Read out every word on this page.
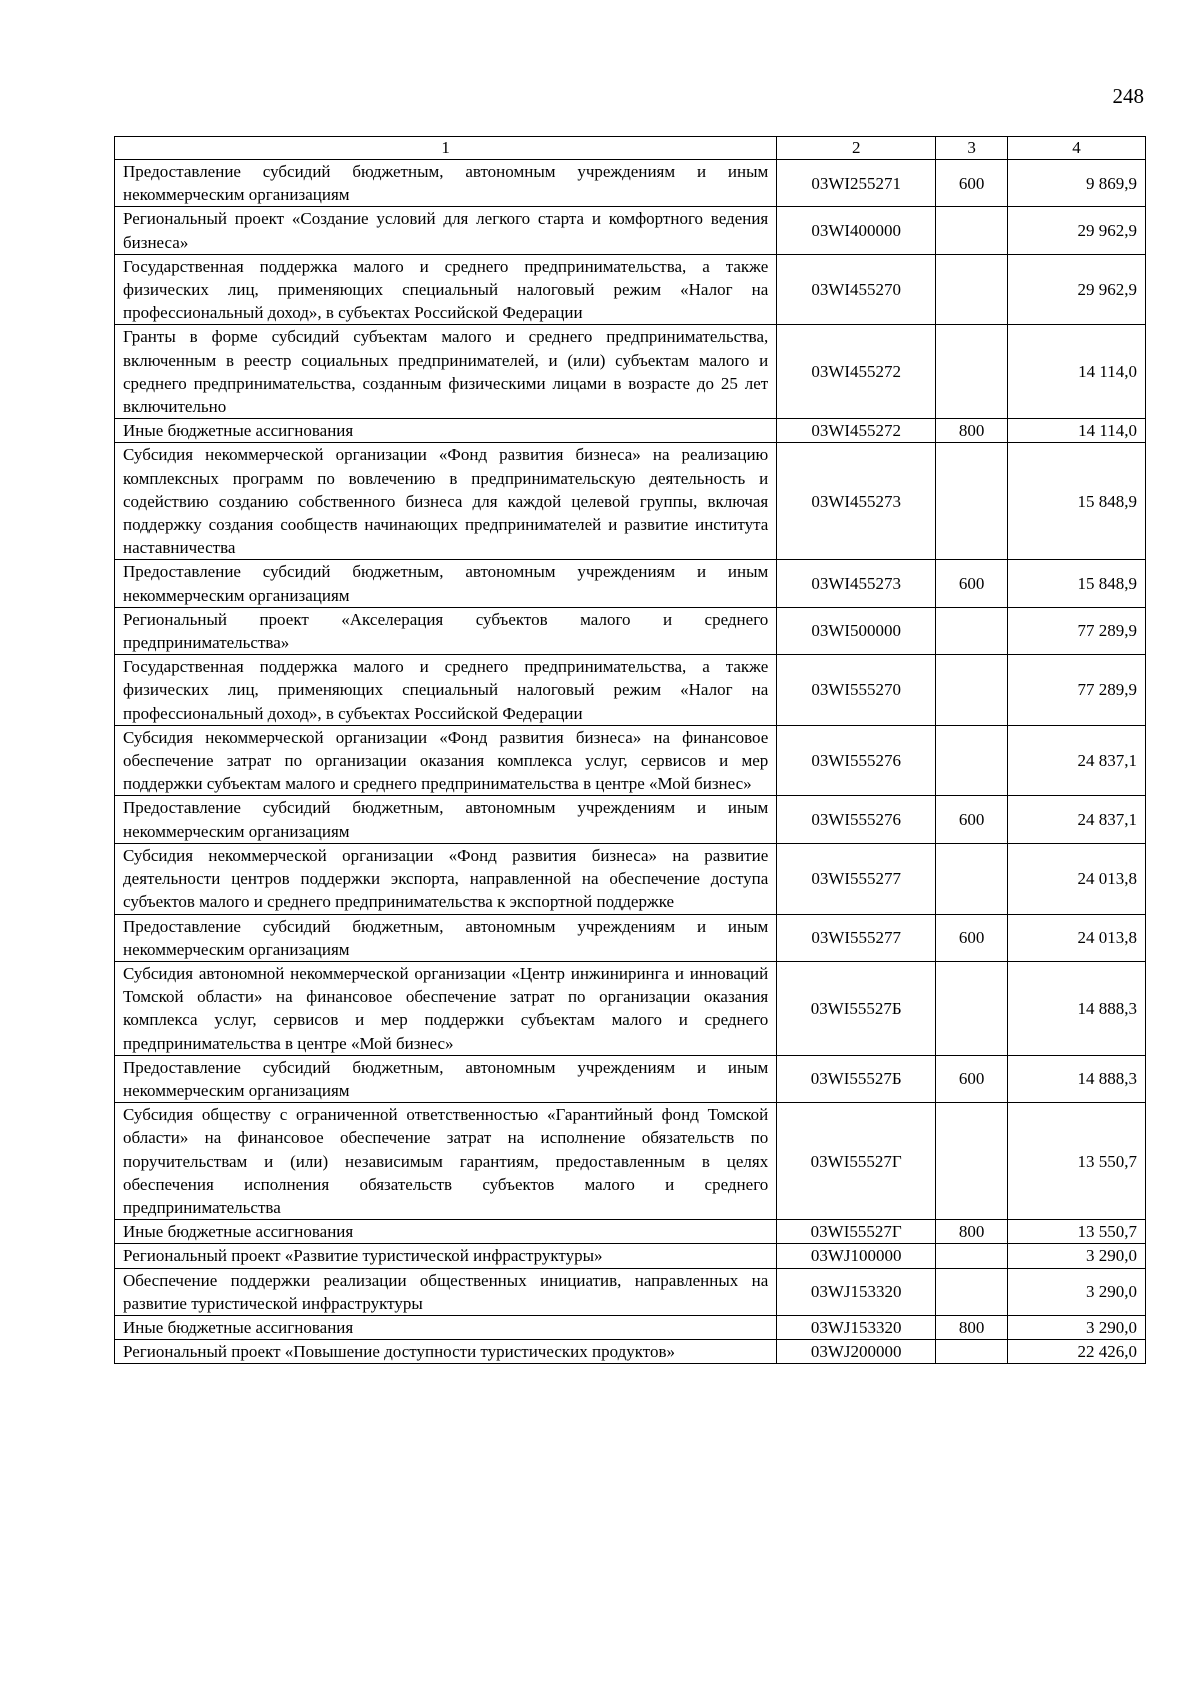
248
1	2	3	4
Предоставление субсидий бюджетным, автономным учреждениям и иным некоммерческим организациям	03WI255271	600	9 869,9
Региональный проект «Создание условий для легкого старта и комфортного ведения бизнеса»	03WI400000		29 962,9
Государственная поддержка малого и среднего предпринимательства, а также физических лиц, применяющих специальный налоговый режим «Налог на профессиональный доход», в субъектах Российской Федерации	03WI455270		29 962,9
Гранты в форме субсидий субъектам малого и среднего предпринимательства, включенным в реестр социальных предпринимателей, и (или) субъектам малого и среднего предпринимательства, созданным физическими лицами в возрасте до 25 лет включительно	03WI455272		14 114,0
Иные бюджетные ассигнования	03WI455272	800	14 114,0
Субсидия некоммерческой организации «Фонд развития бизнеса» на реализацию комплексных программ по вовлечению в предпринимательскую деятельность и содействию созданию собственного бизнеса для каждой целевой группы, включая поддержку создания сообществ начинающих предпринимателей и развитие института наставничества	03WI455273		15 848,9
Предоставление субсидий бюджетным, автономным учреждениям и иным некоммерческим организациям	03WI455273	600	15 848,9
Региональный проект «Акселерация субъектов малого и среднего предпринимательства»	03WI500000		77 289,9
Государственная поддержка малого и среднего предпринимательства, а также физических лиц, применяющих специальный налоговый режим «Налог на профессиональный доход», в субъектах Российской Федерации	03WI555270		77 289,9
Субсидия некоммерческой организации «Фонд развития бизнеса» на финансовое обеспечение затрат по организации оказания комплекса услуг, сервисов и мер поддержки субъектам малого и среднего предпринимательства в центре «Мой бизнес»	03WI555276		24 837,1
Предоставление субсидий бюджетным, автономным учреждениям и иным некоммерческим организациям	03WI555276	600	24 837,1
Субсидия некоммерческой организации «Фонд развития бизнеса» на развитие деятельности центров поддержки экспорта, направленной на обеспечение доступа субъектов малого и среднего предпринимательства к экспортной поддержке	03WI555277		24 013,8
Предоставление субсидий бюджетным, автономным учреждениям и иным некоммерческим организациям	03WI555277	600	24 013,8
Субсидия автономной некоммерческой организации «Центр инжиниринга и инноваций Томской области» на финансовое обеспечение затрат по организации оказания комплекса услуг, сервисов и мер поддержки субъектам малого и среднего предпринимательства в центре «Мой бизнес»	03WI55527Б		14 888,3
Предоставление субсидий бюджетным, автономным учреждениям и иным некоммерческим организациям	03WI55527Б	600	14 888,3
Субсидия обществу с ограниченной ответственностью «Гарантийный фонд Томской области» на финансовое обеспечение затрат на исполнение обязательств по поручительствам и (или) независимым гарантиям, предоставленным в целях обеспечения исполнения обязательств субъектов малого и среднего предпринимательства	03WI55527Г		13 550,7
Иные бюджетные ассигнования	03WI55527Г	800	13 550,7
Региональный проект «Развитие туристической инфраструктуры»	03WJ100000		3 290,0
Обеспечение поддержки реализации общественных инициатив, направленных на развитие туристической инфраструктуры	03WJ153320		3 290,0
Иные бюджетные ассигнования	03WJ153320	800	3 290,0
Региональный проект «Повышение доступности туристических продуктов»	03WJ200000		22 426,0
